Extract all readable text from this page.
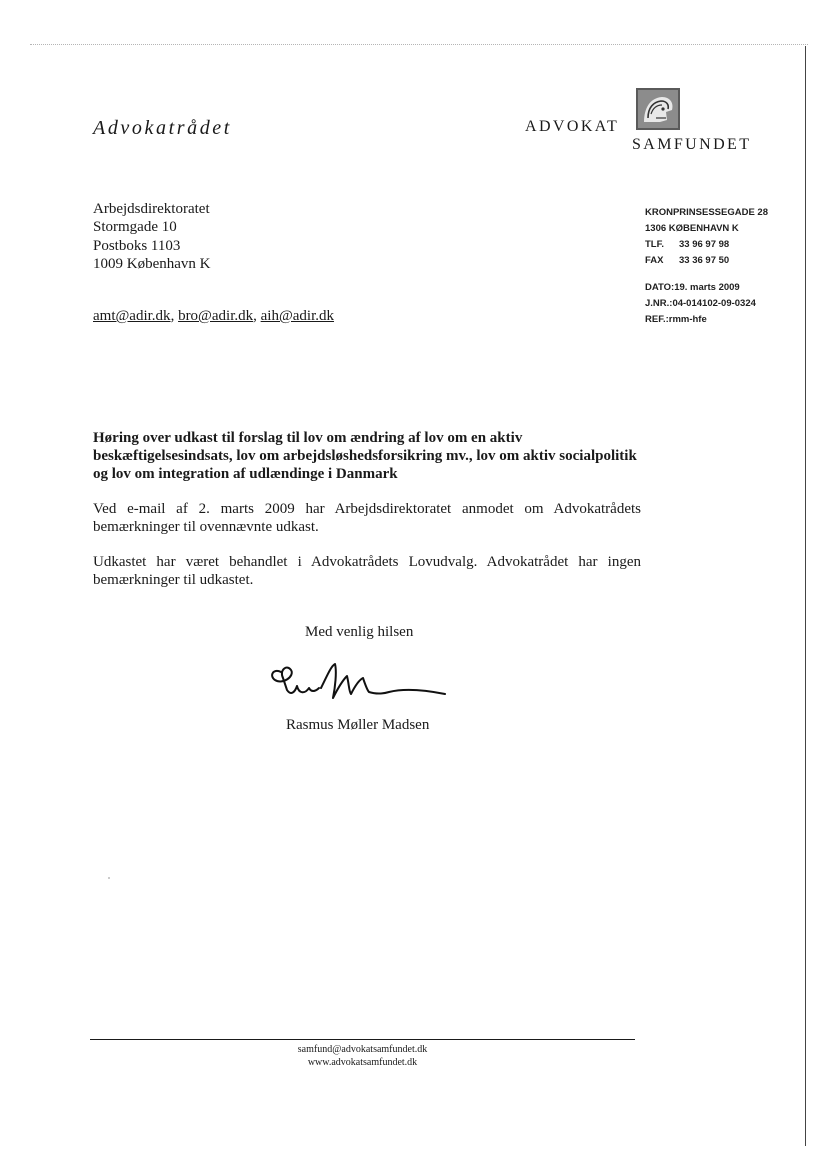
Advokatrådet	ADVOKAT
SAMFUNDET
Arbejdsdirektoratet
Stormgade 10
Postboks 1103
1009 København K
amt@adir.dk, bro@adir.dk, aih@adir.dk
KRONPRINSESSEGADE 28
1306 KØBENHAVN K
TLF. 33 96 97 98
FAX 33 36 97 50
DATO:19. marts 2009
J.NR.:04-014102-09-0324
REF.:rmm-hfe
Høring over udkast til forslag til lov om ændring af lov om en aktiv beskæftigelsesindsats, lov om arbejdsløshedsforsikring mv., lov om aktiv socialpolitik og lov om integration af udlændinge i Danmark
Ved e-mail af 2. marts 2009 har Arbejdsdirektoratet anmodet om Advokatrådets bemærkninger til ovennævnte udkast.
Udkastet har været behandlet i Advokatrådets Lovudvalg. Advokatrådet har ingen bemærkninger til udkastet.
Med venlig hilsen
Rasmus Møller Madsen
samfund@advokatsamfundet.dk
www.advokatsamfundet.dk
